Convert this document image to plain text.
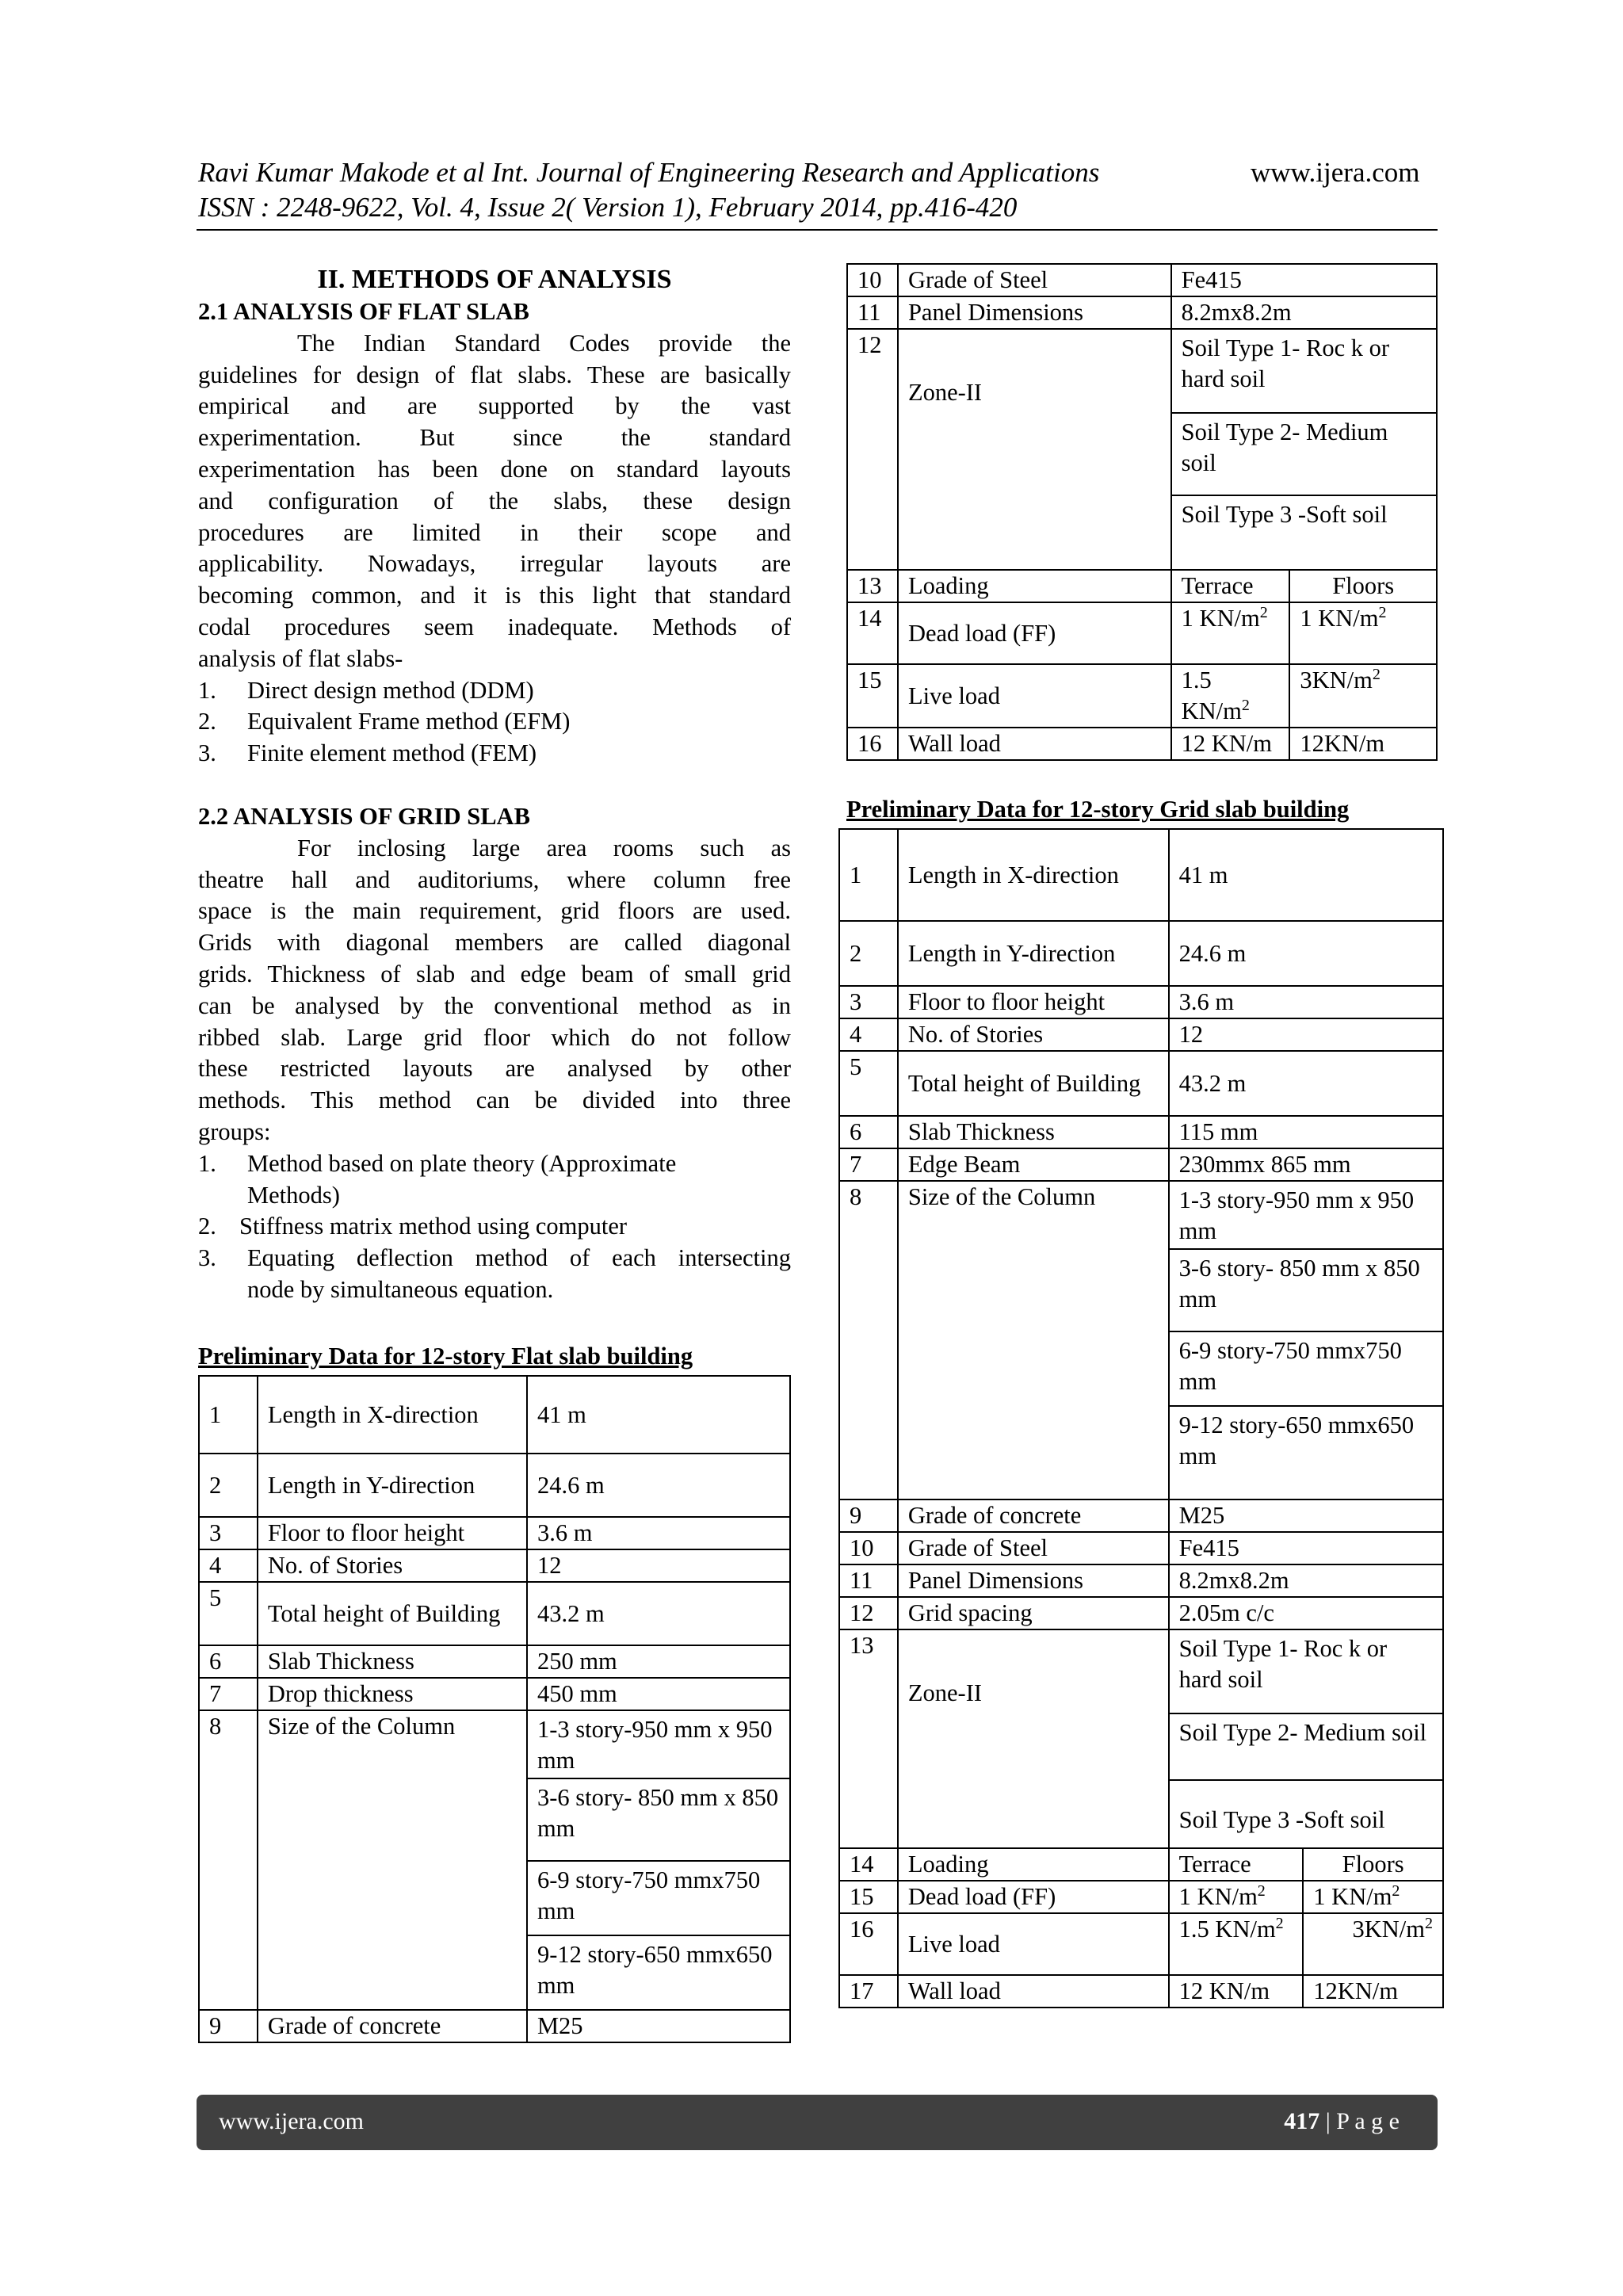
Ravi Kumar Makode et al Int. Journal of Engineering Research and Applications
ISSN : 2248-9622, Vol. 4, Issue 2( Version 1), February 2014, pp.416-420
www.ijera.com
II. METHODS OF ANALYSIS
2.1 ANALYSIS OF FLAT SLAB
The Indian Standard Codes provide the
guidelines for design of flat slabs. These are basically
empirical and are supported by the vast
experimentation. But since the standard
experimentation has been done on standard layouts
and configuration of the slabs, these design
procedures are limited in their scope and
applicability. Nowadays, irregular layouts are
becoming common, and it is this light that standard
codal procedures seem inadequate. Methods of
analysis of flat slabs-
1. Direct design method (DDM)
2. Equivalent Frame method (EFM)
3. Finite element method (FEM)
2.2 ANALYSIS OF GRID SLAB
For inclosing large area rooms such as
theatre hall and auditoriums, where column free
space is the main requirement, grid floors are used.
Grids with diagonal members are called diagonal
grids. Thickness of slab and edge beam of small grid
can be analysed by the conventional method as in
ribbed slab. Large grid floor which do not follow
these restricted layouts are analysed by other
methods. This method can be divided into three
groups:
1. Method based on plate theory (Approximate
Methods)
2. Stiffness matrix method using computer
3. Equating deflection method of each intersecting
node by simultaneous equation.
Preliminary Data for 12-story Flat slab building
1	Length in X-direction	41 m
2	Length in Y-direction	24.6 m
3	Floor to floor height	3.6 m
4	No. of Stories	12
5	Total height of Building	43.2 m
6	Slab Thickness	250 mm
7	Drop thickness	450 mm
8	Size of the Column	1-3 story-950 mm x 950 mm
3-6 story- 850 mm x 850 mm
6-9 story-750 mmx750 mm
9-12 story-650 mmx650 mm

9	Grade of concrete	M25
10	Grade of Steel	Fe415	
11	Panel Dimensions	8.2mx8.2m	
12	Zone-II	Soil Type 1- Roc k or hard soil
Soil Type 2- Medium soil
Soil Type 3 -Soft soil	

13	Loading	Terrace	Floors
14	Dead load (FF)	1 $KN/m^2$	1 $KN/m^2$
15	Live load	1.5 $KN/m^2$	$3KN/m^2$
16	Wall load	12 KN/m	12KN/m
Preliminary Data for 12-story Grid slab building
1	Length in X-direction	41 m	
2	Length in Y-direction	24.6 m	
3	Floor to floor height	3.6 m	
4	No. of Stories	12	
5	Total height of Building	43.2 m	
6	Slab Thickness	115 mm	
7	Edge Beam	230mmx 865 mm	
8	Size of the Column	1-3 story-950 mm x 950 mm
3-6 story- 850 mm x 850 mm
6-9 story-750 mmx750 mm
9-12 story-650 mmx650 mm	

9	Grade of concrete	M25	
10	Grade of Steel	Fe415	
11	Panel Dimensions	8.2mx8.2m	
12	Grid spacing	2.05m c/c	
13	Zone-II	Soil Type 1- Roc k or hard soil
Soil Type 2- Medium soil
Soil Type 3 -Soft soil	

14	Loading	Terrace	Floors
15	Dead load (FF)	1 $KN/m^2$	1 $KN/m^2$
16	Live load	1.5 $KN/m^2$	$3KN/m^2$
17	Wall load	12 KN/m	12KN/m
www.ijera.com	417 | P a g e
